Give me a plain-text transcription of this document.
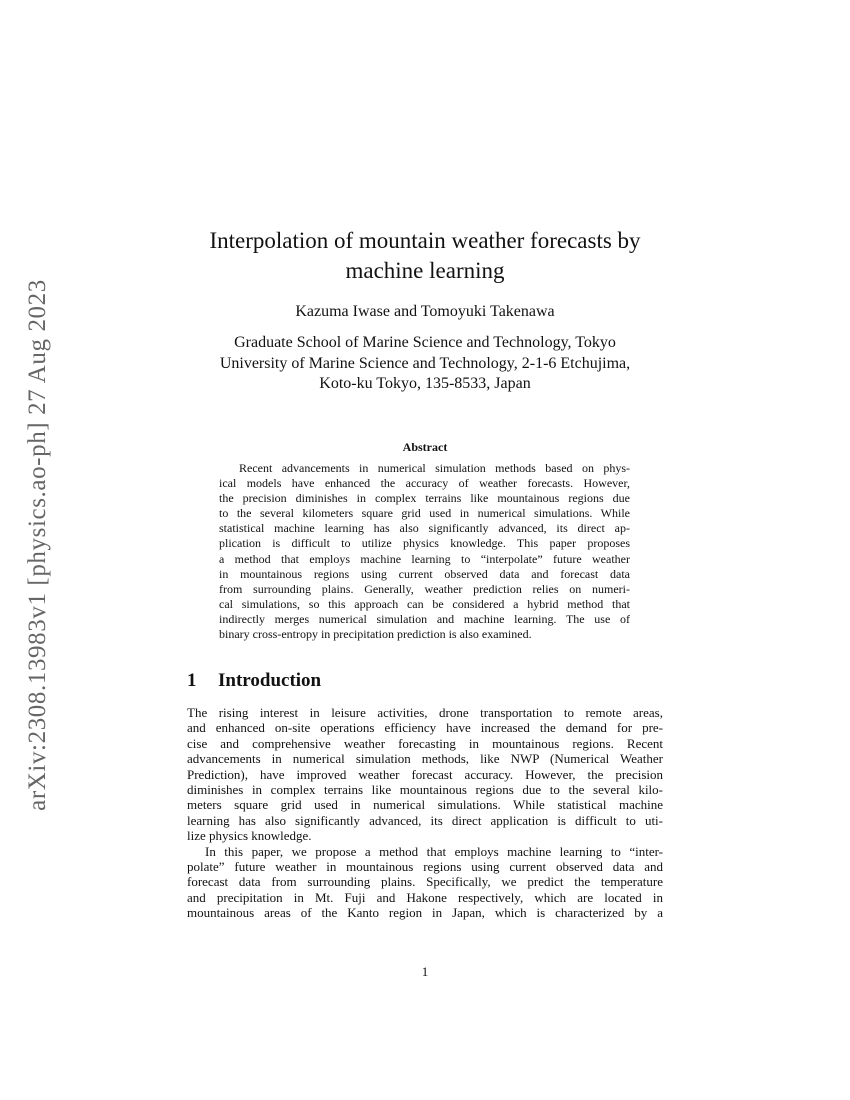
arXiv:2308.13983v1 [physics.ao-ph] 27 Aug 2023
Interpolation of mountain weather forecasts by
machine learning
Kazuma Iwase and Tomoyuki Takenawa
Graduate School of Marine Science and Technology, Tokyo
University of Marine Science and Technology, 2-1-6 Etchujima,
Koto-ku Tokyo, 135-8533, Japan
Abstract
Recent advancements in numerical simulation methods based on phys-
ical models have enhanced the accuracy of weather forecasts. However,
the precision diminishes in complex terrains like mountainous regions due
to the several kilometers square grid used in numerical simulations. While
statistical machine learning has also significantly advanced, its direct ap-
plication is difficult to utilize physics knowledge. This paper proposes
a method that employs machine learning to “interpolate” future weather
in mountainous regions using current observed data and forecast data
from surrounding plains. Generally, weather prediction relies on numeri-
cal simulations, so this approach can be considered a hybrid method that
indirectly merges numerical simulation and machine learning. The use of
binary cross-entropy in precipitation prediction is also examined.
1 Introduction
The rising interest in leisure activities, drone transportation to remote areas,
and enhanced on-site operations efficiency have increased the demand for pre-
cise and comprehensive weather forecasting in mountainous regions. Recent
advancements in numerical simulation methods, like NWP (Numerical Weather
Prediction), have improved weather forecast accuracy. However, the precision
diminishes in complex terrains like mountainous regions due to the several kilo-
meters square grid used in numerical simulations. While statistical machine
learning has also significantly advanced, its direct application is difficult to uti-
lize physics knowledge.
In this paper, we propose a method that employs machine learning to “inter-
polate” future weather in mountainous regions using current observed data and
forecast data from surrounding plains. Specifically, we predict the temperature
and precipitation in Mt. Fuji and Hakone respectively, which are located in
mountainous areas of the Kanto region in Japan, which is characterized by a
1
